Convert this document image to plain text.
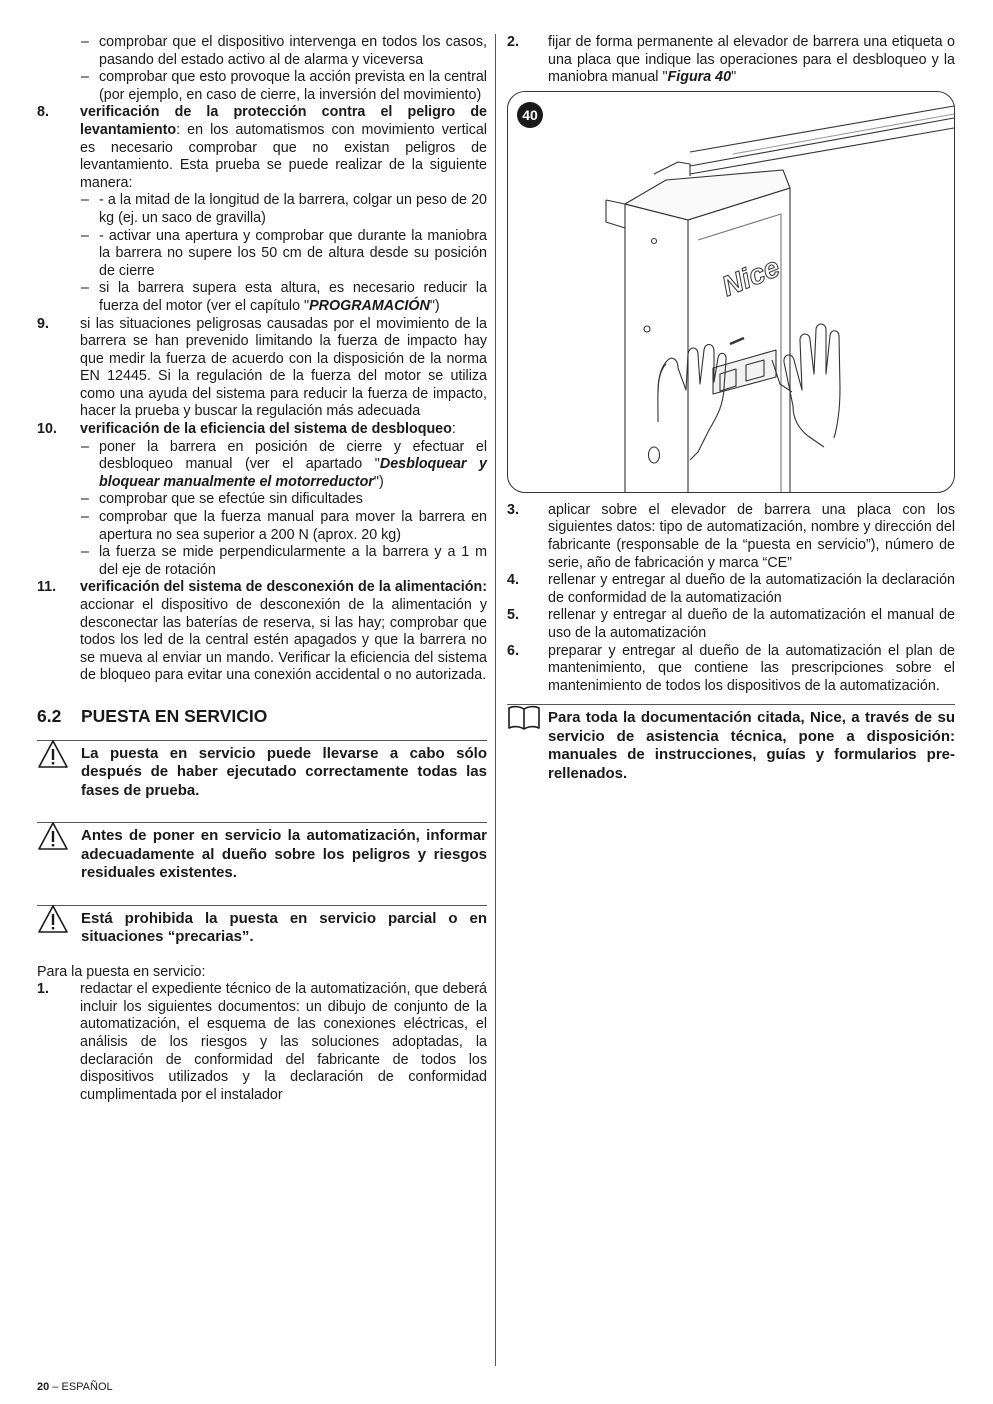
– comprobar que el dispositivo intervenga en todos los casos, pasando del estado activo al de alarma y viceversa
– comprobar que esto provoque la acción prevista en la central (por ejemplo, en caso de cierre, la inversión del movimiento)
8. verificación de la protección contra el peligro de levantamiento: en los automatismos con movimiento vertical es necesario comprobar que no existan peligros de levantamiento. Esta prueba se puede realizar de la siguiente manera:
– - a la mitad de la longitud de la barrera, colgar un peso de 20 kg (ej. un saco de gravilla)
– - activar una apertura y comprobar que durante la maniobra la barrera no supere los 50 cm de altura desde su posición de cierre
– si la barrera supera esta altura, es necesario reducir la fuerza del motor (ver el capítulo "PROGRAMACIÓN")
9. si las situaciones peligrosas causadas por el movimiento de la barrera se han prevenido limitando la fuerza de impacto hay que medir la fuerza de acuerdo con la disposición de la norma EN 12445. Si la regulación de la fuerza del motor se utiliza como una ayuda del sistema para reducir la fuerza de impacto, hacer la prueba y buscar la regulación más adecuada
10. verificación de la eficiencia del sistema de desbloqueo:
– poner la barrera en posición de cierre y efectuar el desbloqueo manual (ver el apartado "Desbloquear y bloquear manualmente el motorreductor")
– comprobar que se efectúe sin dificultades
– comprobar que la fuerza manual para mover la barrera en apertura no sea superior a 200 N (aprox. 20 kg)
– la fuerza se mide perpendicularmente a la barrera y a 1 m del eje de rotación
11. verificación del sistema de desconexión de la alimentación: accionar el dispositivo de desconexión de la alimentación y desconectar las baterías de reserva, si las hay; comprobar que todos los led de la central estén apagados y que la barrera no se mueva al enviar un mando. Verificar la eficiencia del sistema de bloqueo para evitar una conexión accidental o no autorizada.
6.2 PUESTA EN SERVICIO
La puesta en servicio puede llevarse a cabo sólo después de haber ejecutado correctamente todas las fases de prueba.
Antes de poner en servicio la automatización, informar adecuadamente al dueño sobre los peligros y riesgos residuales existentes.
Está prohibida la puesta en servicio parcial o en situaciones “precarias”.
Para la puesta en servicio:
1. redactar el expediente técnico de la automatización, que deberá incluir los siguientes documentos: un dibujo de conjunto de la automatización, el esquema de las conexiones eléctricas, el análisis de los riesgos y las soluciones adoptadas, la declaración de conformidad del fabricante de todos los dispositivos utilizados y la declaración de conformidad cumplimentada por el instalador
2. fijar de forma permanente al elevador de barrera una etiqueta o una placa que indique las operaciones para el desbloqueo y la maniobra manual "Figura 40"
Nice
40
3. aplicar sobre el elevador de barrera una placa con los siguientes datos: tipo de automatización, nombre y dirección del fabricante (responsable de la “puesta en servicio”), número de serie, año de fabricación y marca “CE”
4. rellenar y entregar al dueño de la automatización la declaración de conformidad de la automatización
5. rellenar y entregar al dueño de la automatización el manual de uso de la automatización
6. preparar y entregar al dueño de la automatización el plan de mantenimiento, que contiene las prescripciones sobre el mantenimiento de todos los dispositivos de la automatización.
Para toda la documentación citada, Nice, a través de su servicio de asistencia técnica, pone a disposición: manuales de instrucciones, guías y formularios pre-rellenados.
20 – ESPAÑOL
